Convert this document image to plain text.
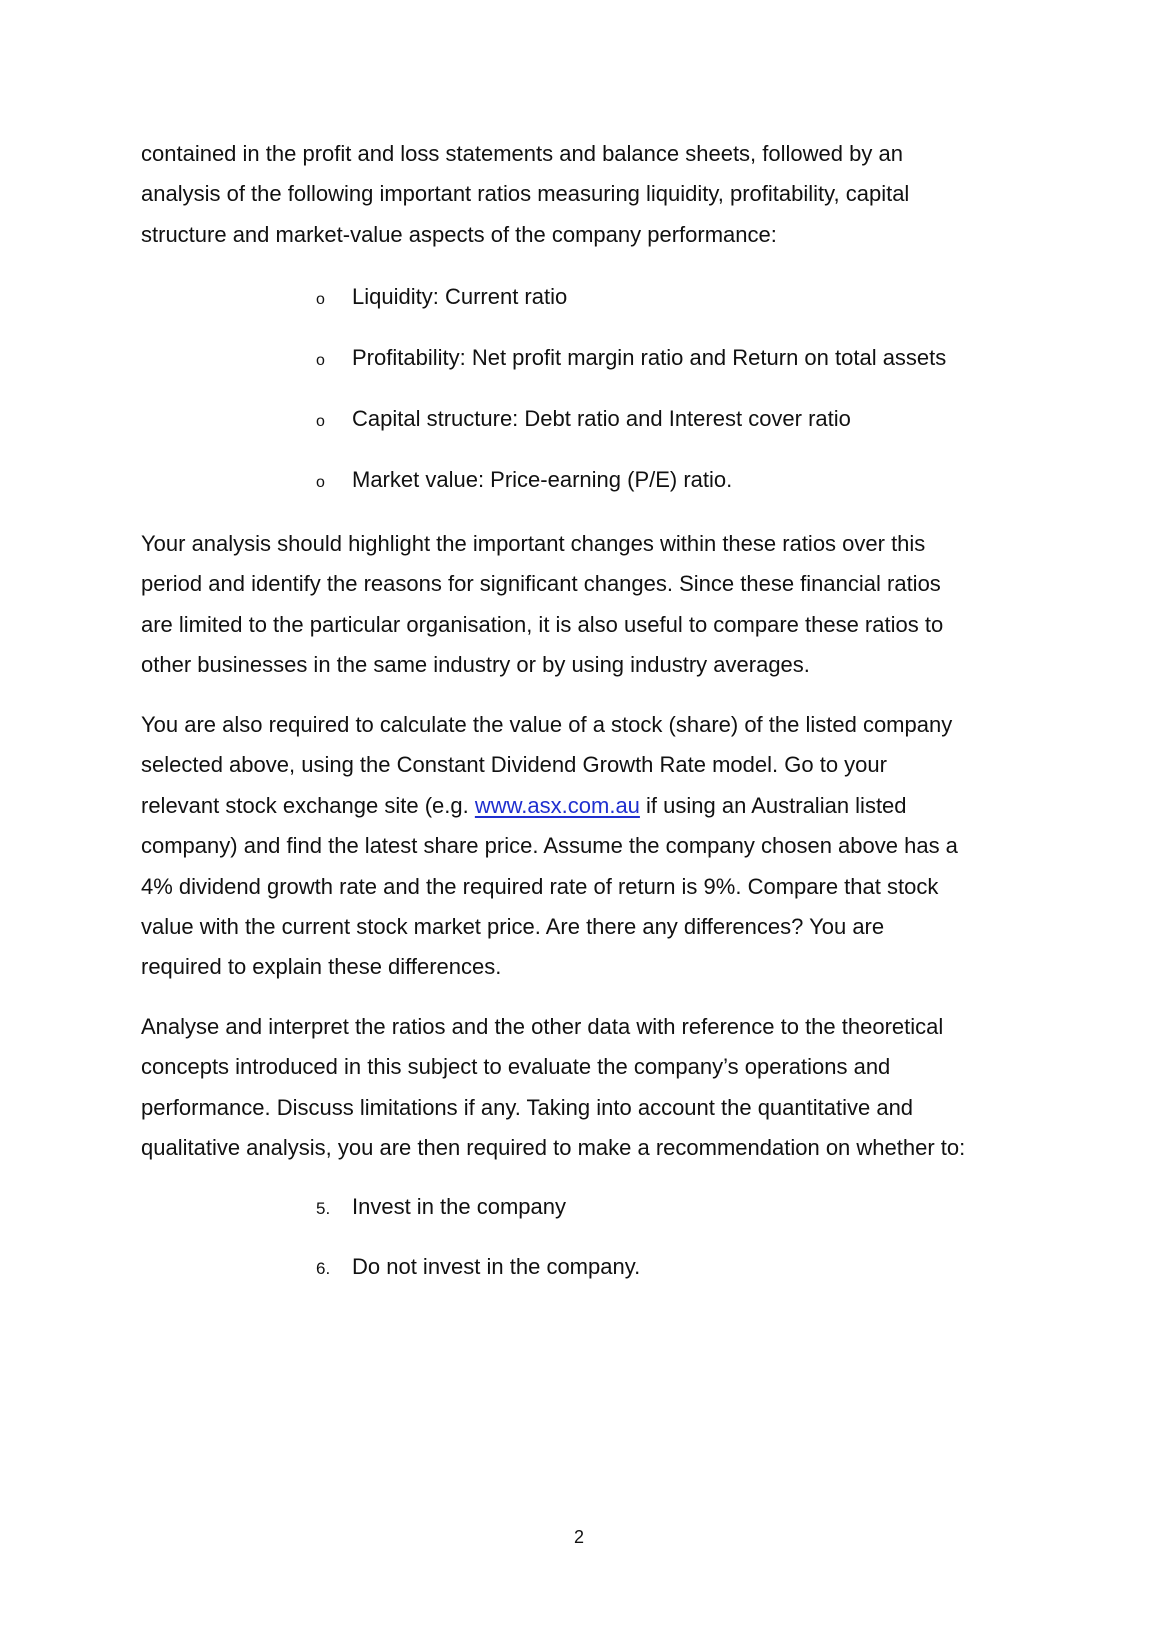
contained in the profit and loss statements and balance sheets, followed by an
analysis of the following important ratios measuring liquidity, profitability, capital
structure and market-value aspects of the company performance:

o Liquidity: Current ratio
o Profitability: Net profit margin ratio and Return on total assets
o Capital structure: Debt ratio and Interest cover ratio
o Market value: Price-earning (P/E) ratio.

Your analysis should highlight the important changes within these ratios over this
period and identify the reasons for significant changes. Since these financial ratios
are limited to the particular organisation, it is also useful to compare these ratios to
other businesses in the same industry or by using industry averages.

You are also required to calculate the value of a stock (share) of the listed company
selected above, using the Constant Dividend Growth Rate model. Go to your
relevant stock exchange site (e.g. www.asx.com.au if using an Australian listed
company) and find the latest share price. Assume the company chosen above has a
4% dividend growth rate and the required rate of return is 9%. Compare that stock
value with the current stock market price. Are there any differences? You are
required to explain these differences.

Analyse and interpret the ratios and the other data with reference to the theoretical
concepts introduced in this subject to evaluate the company’s operations and
performance. Discuss limitations if any. Taking into account the quantitative and
qualitative analysis, you are then required to make a recommendation on whether to:

5. Invest in the company
6. Do not invest in the company.
2
